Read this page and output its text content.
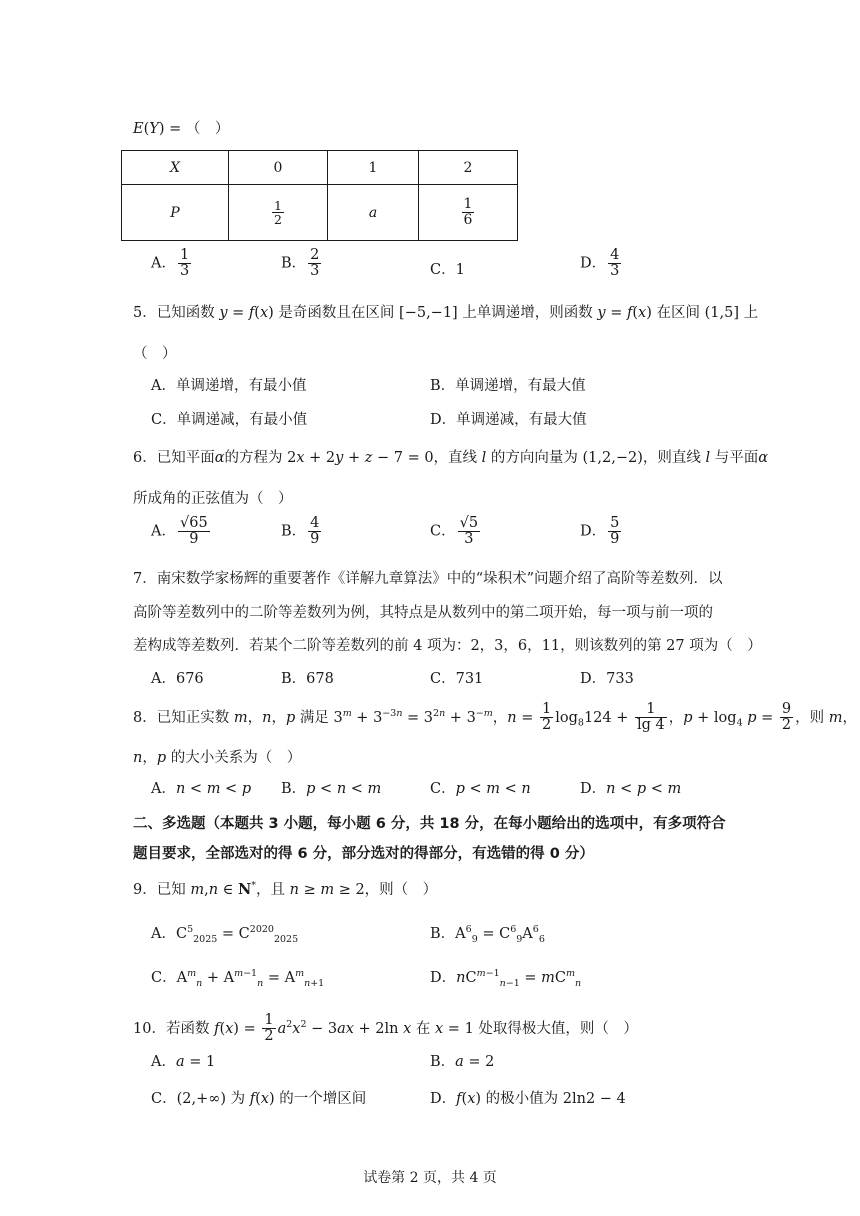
E(Y) = （　）
X	0	1	2
P	$\frac{1}{2}$	a	$\frac{1}{6}$
A． $\frac{1}{3}$	B． $\frac{2}{3}$	C．1	D． $\frac{4}{3}$
5．已知函数 y = f(x) 是奇函数且在区间 [−5,−1] 上单调递增，则函数 y = f(x) 在区间 (1,5] 上
（　）
A．单调递增，有最小值	B．单调递增，有最大值
C．单调递减，有最小值	D．单调递减，有最大值
6．已知平面α的方程为 2x + 2y + z − 7 = 0，直线 l 的方向向量为 (1,2,−2)，则直线 l 与平面α
所成角的正弦值为（　）
A． $\frac{√65}{9}$	B． $\frac{4}{9}$	C． $\frac{√5}{3}$	D． $\frac{5}{9}$
7．南宋数学家杨辉的重要著作《详解九章算法》中的“垛积术”问题介绍了高阶等差数列．以
高阶等差数列中的二阶等差数列为例，其特点是从数列中的第二项开始，每一项与前一项的
差构成等差数列．若某个二阶等差数列的前 4 项为：2，3，6，11，则该数列的第 27 项为（　）
A．676	B．678	C．731	D．733
8．已知正实数 m，n，p 满足 $3^m + 3^{-3n} = 3^{2n} + 3^{-m}$，$n = \frac{1}{2} \log_8124 + \frac{1}{\lg 4}$ ，$p + \log_4 p = \frac{9}{2}$ ，则 m，
n，p 的大小关系为（　）
A．n < m < p B．p < n < m	C．p < m < n	D．n < p < m
二、多选题（本题共 3 小题，每小题 6 分，共 18 分，在每小题给出的选项中，有多项符合
题目要求，全部选对的得 6 分，部分选对的得部分，有选错的得 0 分）
9．已知 m,n ∈ N*，且 n ≥ m ≥ 2，则（　）
A．$C^5_{2025} = C^{2020}_{2025}$	B．$A^6_9 = C^6_9A^6_6$
C．$A^m_n + A^{m-1}_n = A^m_{n+1}$	D．$nC^{m-1}_{n-1} = mC^m_n$
10．若函数 $f(x) = \frac{1}{2} a^2x^2 - 3ax + 2\ln$ x 在 x = 1 处取得极大值，则（　）
A．a = 1	B．a = 2
C．(2,+∞) 为 f(x) 的一个增区间	D．f(x) 的极小值为 2ln2 − 4
试卷第 2 页，共 4 页
